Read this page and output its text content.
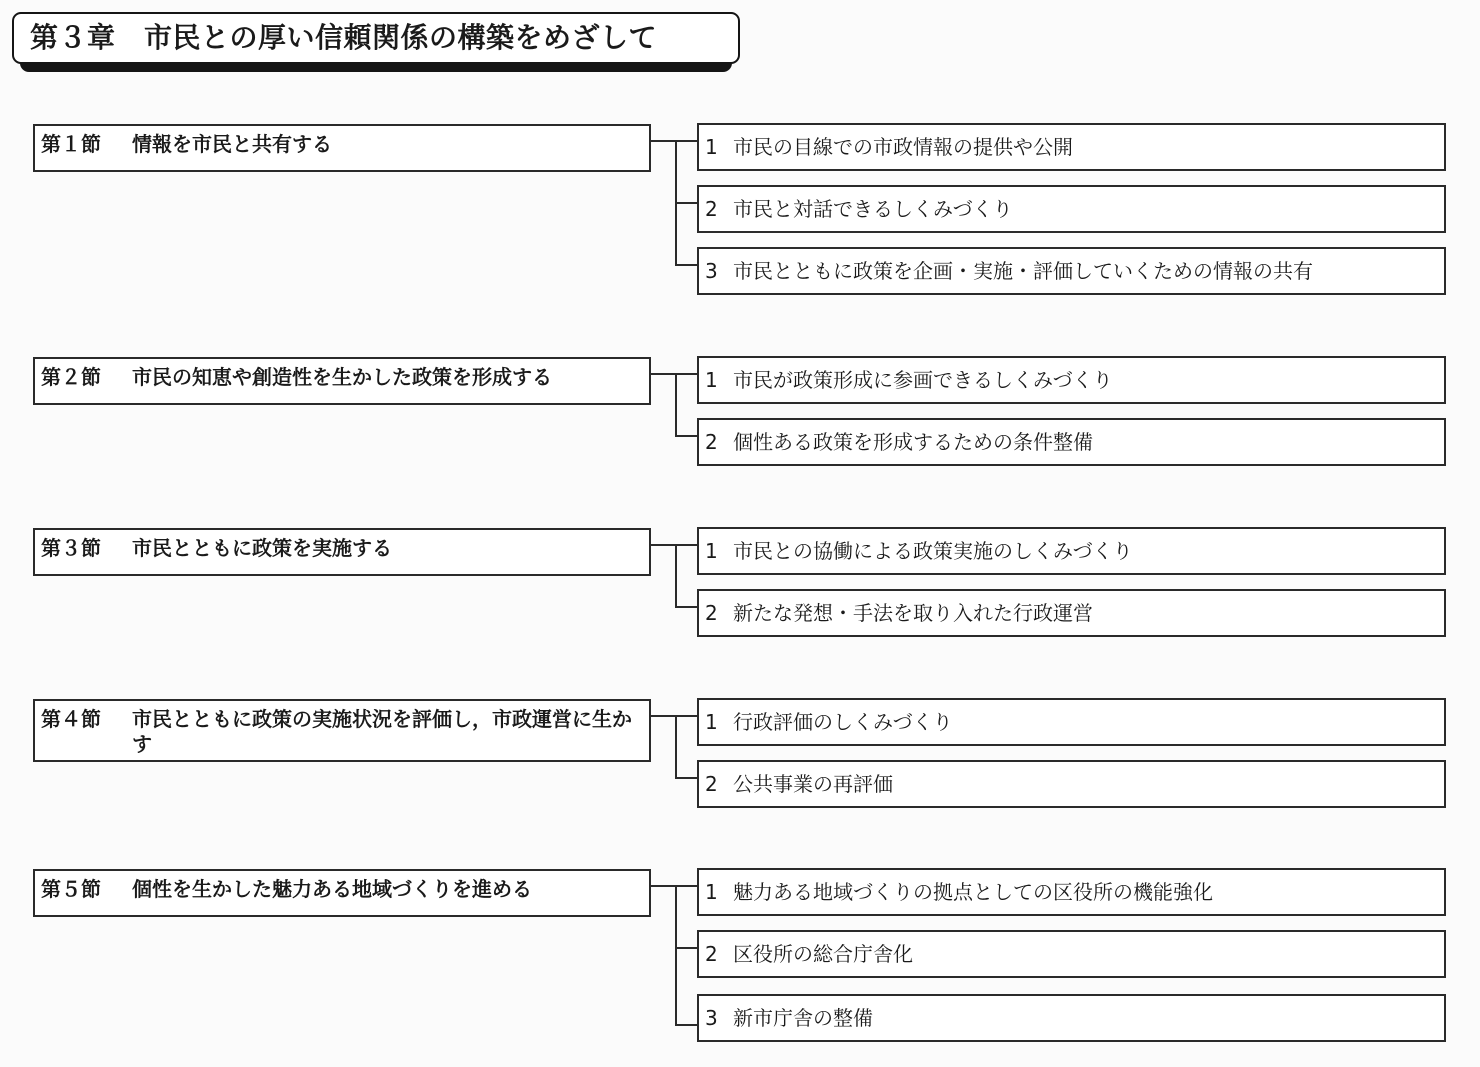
第３章　市民との厚い信頼関係の構築をめざして
第１節	情報を市民と共有する	1 市民の目線での市政情報の提供や公開
2 市民と対話できるしくみづくり
3 市民とともに政策を企画・実施・評価していくための情報の共有
第２節	市民の知恵や創造性を生かした政策を形成する	1 市民が政策形成に参画できるしくみづくり
2 個性ある政策を形成するための条件整備
第３節	市民とともに政策を実施する	1 市民との協働による政策実施のしくみづくり
2 新たな発想・手法を取り入れた行政運営
第４節	市民とともに政策の実施状況を評価し，市政運営に生かす
1 行政評価のしくみづくり
2 公共事業の再評価
第５節	個性を生かした魅力ある地域づくりを進める	1 魅力ある地域づくりの拠点としての区役所の機能強化
2 区役所の総合庁舎化
3 新市庁舎の整備
